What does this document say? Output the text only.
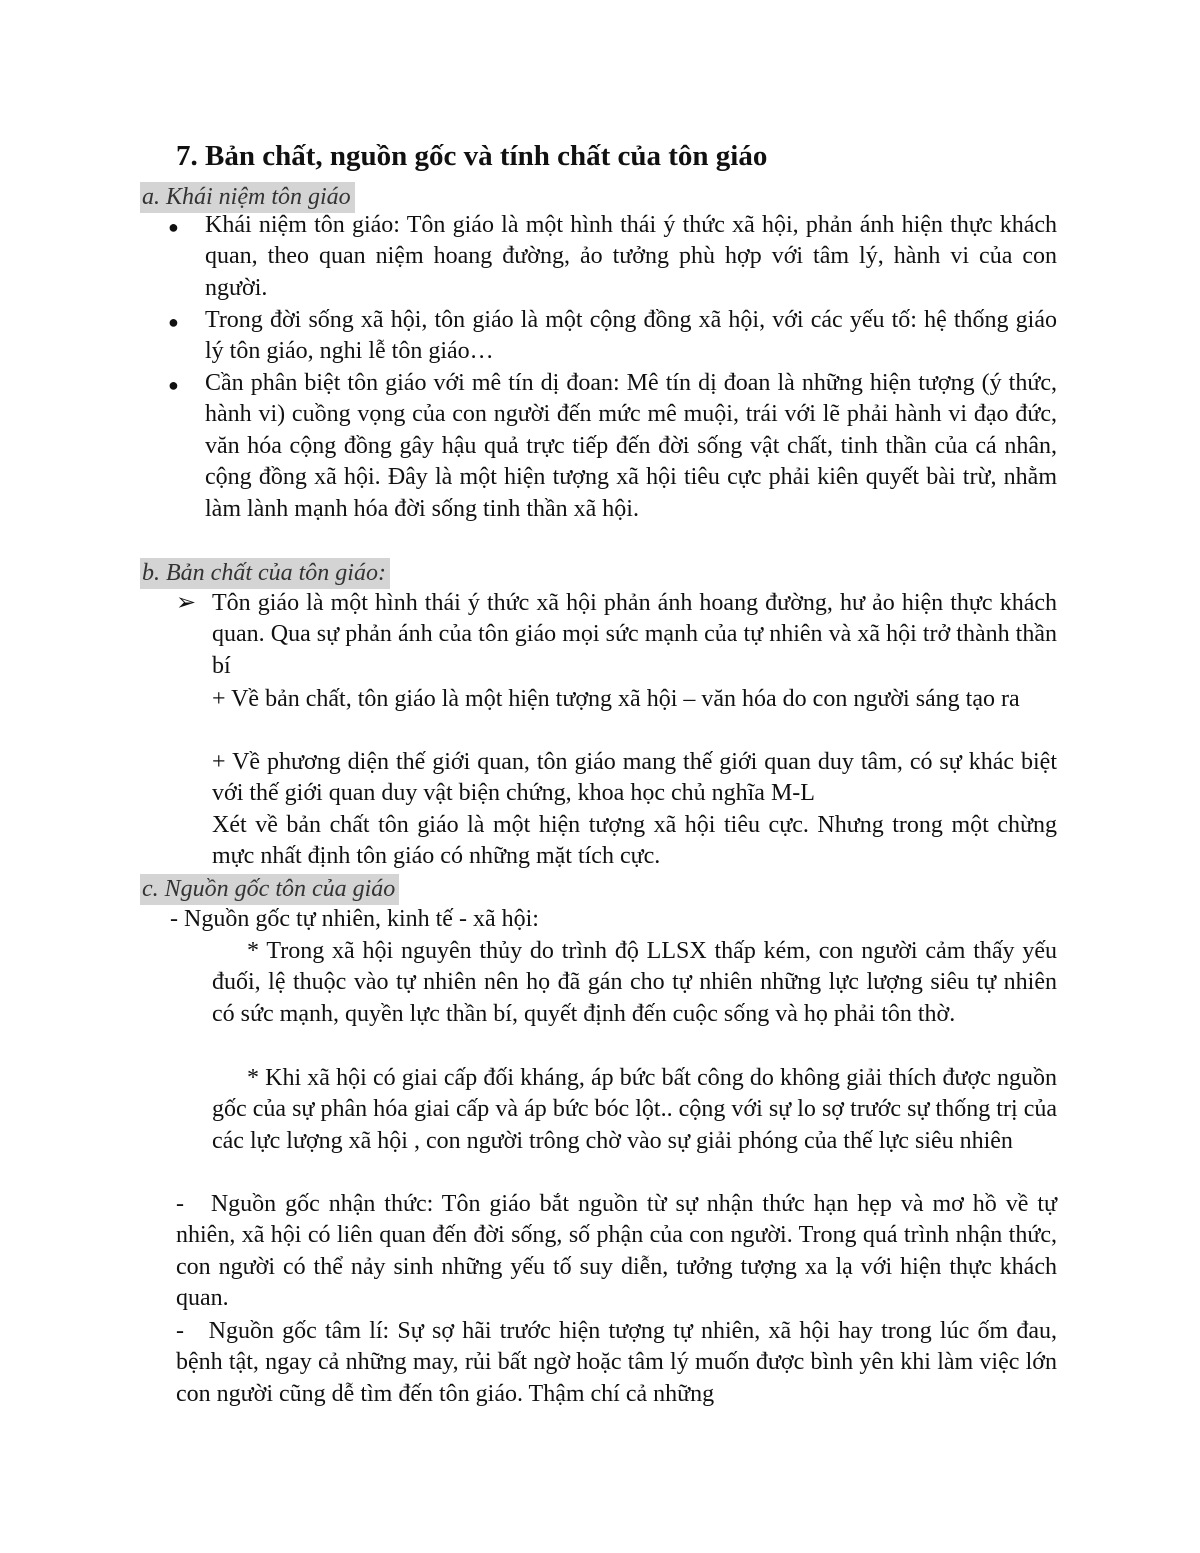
7. Bản chất, nguồn gốc và tính chất của tôn giáo
a. Khái niệm tôn giáo
● Khái niệm tôn giáo: Tôn giáo là một hình thái ý thức xã hội, phản ánh hiện thực khách quan, theo quan niệm hoang đường, ảo tưởng phù hợp với tâm lý, hành vi của con người.

● Trong đời sống xã hội, tôn giáo là một cộng đồng xã hội, với các yếu tố: hệ thống giáo lý tôn giáo, nghi lễ tôn giáo…

● Cần phân biệt tôn giáo với mê tín dị đoan: Mê tín dị đoan là những hiện tượng (ý thức, hành vi) cuồng vọng của con người đến mức mê muội, trái với lẽ phải hành vi đạo đức, văn hóa cộng đồng gây hậu quả trực tiếp đến đời sống vật chất, tinh thần của cá nhân, cộng đồng xã hội. Đây là một hiện tượng xã hội tiêu cực phải kiên quyết bài trừ, nhằm làm lành mạnh hóa đời sống tinh thần xã hội.

b. Bản chất của tôn giáo:
➢ Tôn giáo là một hình thái ý thức xã hội phản ánh hoang đường, hư ảo hiện thực khách quan. Qua sự phản ánh của tôn giáo mọi sức mạnh của tự nhiên và xã hội trở thành thần bí

+ Về bản chất, tôn giáo là một hiện tượng xã hội – văn hóa do con người sáng tạo ra

+ Về phương diện thế giới quan, tôn giáo mang thế giới quan duy tâm, có sự khác biệt với thế giới quan duy vật biện chứng, khoa học chủ nghĩa M-L

Xét về bản chất tôn giáo là một hiện tượng xã hội tiêu cực. Nhưng trong một chừng mực nhất định tôn giáo có những mặt tích cực.

c. Nguồn gốc tôn của giáo

- Nguồn gốc tự nhiên, kinh tế - xã hội:

* Trong xã hội nguyên thủy do trình độ LLSX thấp kém, con người cảm thấy yếu đuối, lệ thuộc vào tự nhiên nên họ đã gán cho tự nhiên những lực lượng siêu tự nhiên có sức mạnh, quyền lực thần bí, quyết định đến cuộc sống và họ phải tôn thờ.

* Khi xã hội có giai cấp đối kháng, áp bức bất công do không giải thích được nguồn gốc của sự phân hóa giai cấp và áp bức bóc lột.. cộng với sự lo sợ trước sự thống trị của các lực lượng xã hội , con người trông chờ vào sự giải phóng của thế lực siêu nhiên

-   Nguồn gốc nhận thức: Tôn giáo bắt nguồn từ sự nhận thức hạn hẹp và mơ hồ về tự nhiên, xã hội có liên quan đến đời sống, số phận của con người. Trong quá trình nhận thức, con người có thể nảy sinh những yếu tố suy diễn, tưởng tượng xa lạ với hiện thực khách quan.

-   Nguồn gốc tâm lí: Sự sợ hãi trước hiện tượng tự nhiên, xã hội hay trong lúc ốm đau, bệnh tật, ngay cả những may, rủi bất ngờ hoặc tâm lý muốn được bình yên khi làm việc lớn con người cũng dễ tìm đến tôn giáo. Thậm chí cả những
